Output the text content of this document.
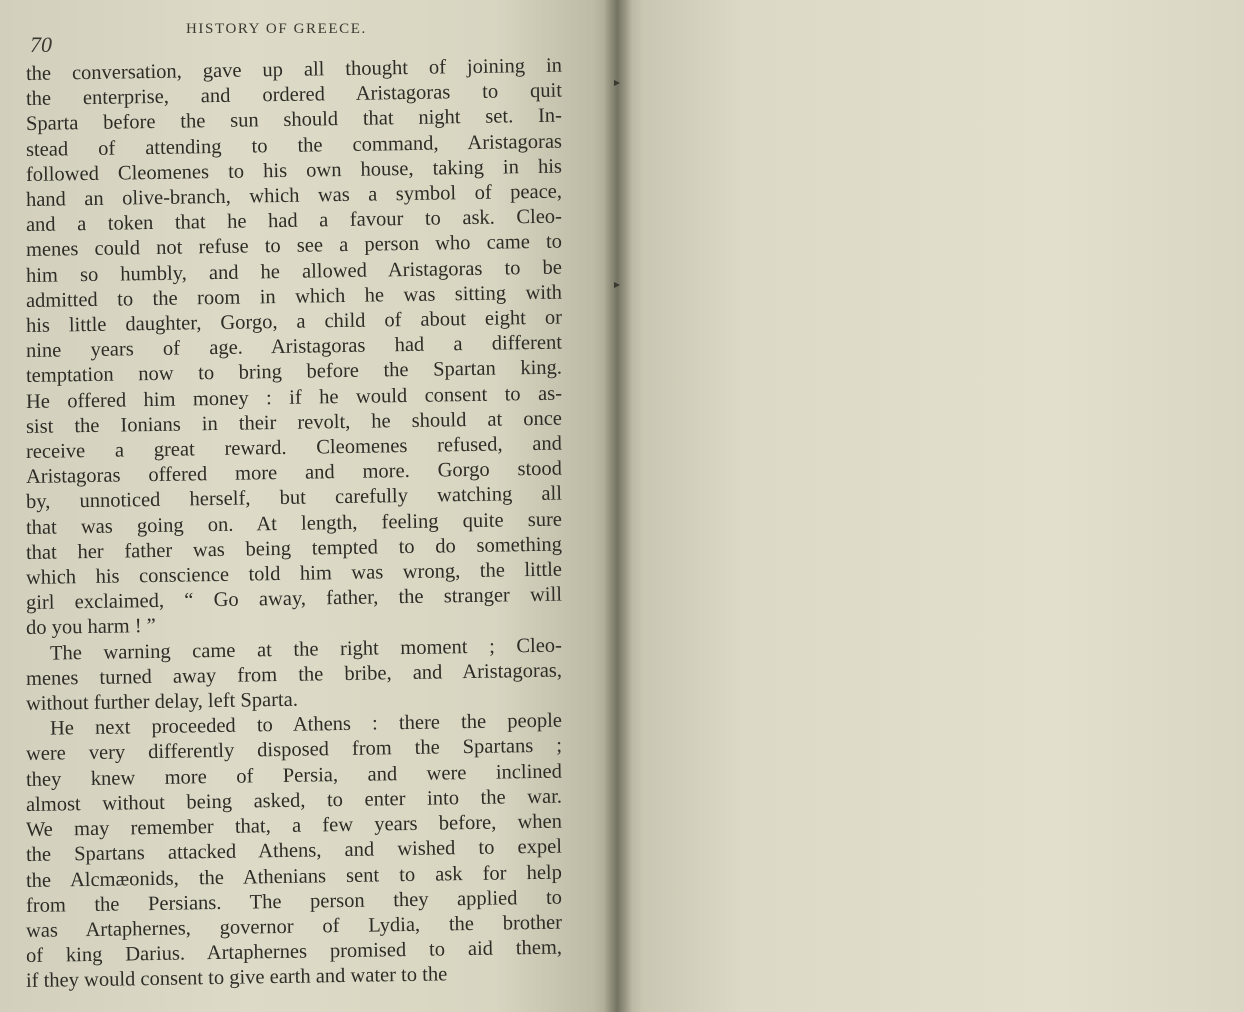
70
HISTORY OF GREECE.
the conversation, gave up all thought of joining in
the enterprise, and ordered Aristagoras to quit
Sparta before the sun should that night set. In-
stead of attending to the command, Aristagoras
followed Cleomenes to his own house, taking in his
hand an olive-branch, which was a symbol of peace,
and a token that he had a favour to ask. Cleo-
menes could not refuse to see a person who came to
him so humbly, and he allowed Aristagoras to be
admitted to the room in which he was sitting with
his little daughter, Gorgo, a child of about eight or
nine years of age. Aristagoras had a different
temptation now to bring before the Spartan king.
He offered him money : if he would consent to as-
sist the Ionians in their revolt, he should at once
receive a great reward. Cleomenes refused, and
Aristagoras offered more and more. Gorgo stood
by, unnoticed herself, but carefully watching all
that was going on. At length, feeling quite sure
that her father was being tempted to do something
which his conscience told him was wrong, the little
girl exclaimed, “ Go away, father, the stranger will
do you harm ! ”
The warning came at the right moment ; Cleo-
menes turned away from the bribe, and Aristagoras,
without further delay, left Sparta.
He next proceeded to Athens : there the people
were very differently disposed from the Spartans ;
they knew more of Persia, and were inclined
almost without being asked, to enter into the war.
We may remember that, a few years before, when
the Spartans attacked Athens, and wished to expel
the Alcmæonids, the Athenians sent to ask for help
from the Persians. The person they applied to
was Artaphernes, governor of Lydia, the brother
of king Darius. Artaphernes promised to aid them,
if they would consent to give earth and water to the
